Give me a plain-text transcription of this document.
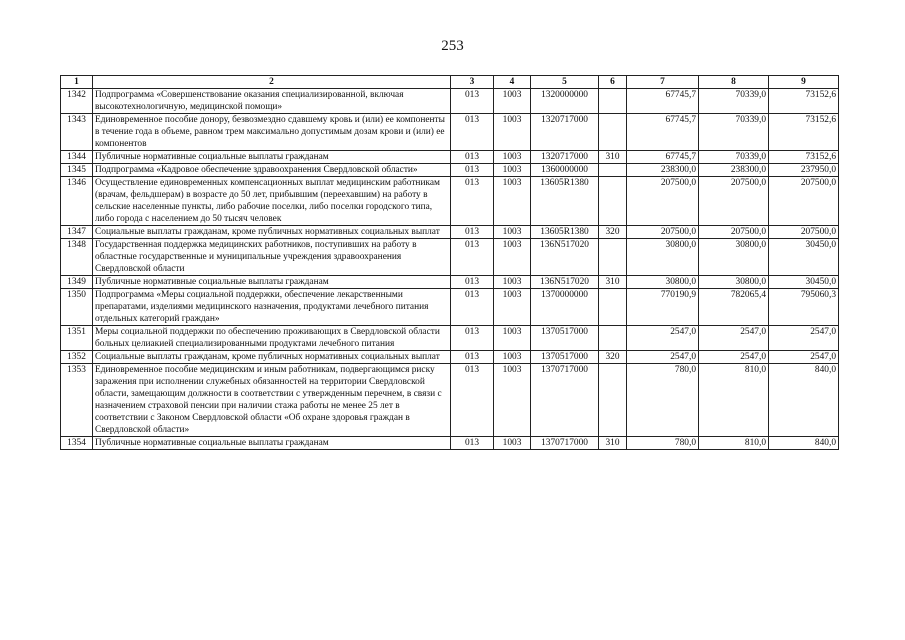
253
1	2	3	4	5	6	7	8	9
1342	Подпрограмма «Совершенствование оказания специализированной, включая высокотехнологичную, медицинской помощи»	013	1003	1320000000		67745,7	70339,0	73152,6
1343	Единовременное пособие донору, безвозмездно сдавшему кровь и (или) ее компоненты в течение года в объеме, равном трем максимально допустимым дозам крови и (или) ее компонентов	013	1003	1320717000		67745,7	70339,0	73152,6
1344	Публичные нормативные социальные выплаты гражданам	013	1003	1320717000	310	67745,7	70339,0	73152,6
1345	Подпрограмма «Кадровое обеспечение здравоохранения Свердловской области»	013	1003	1360000000		238300,0	238300,0	237950,0
1346	Осуществление единовременных компенсационных выплат медицинским работникам (врачам, фельдшерам) в возрасте до 50 лет, прибывшим (переехавшим) на работу в сельские населенные пункты, либо рабочие поселки, либо поселки городского типа, либо города с населением до 50 тысяч человек	013	1003	13605R1380		207500,0	207500,0	207500,0
1347	Социальные выплаты гражданам, кроме публичных нормативных социальных выплат	013	1003	13605R1380	320	207500,0	207500,0	207500,0
1348	Государственная поддержка медицинских работников, поступивших на работу в областные государственные и муниципальные учреждения здравоохранения Свердловской области	013	1003	136N517020		30800,0	30800,0	30450,0
1349	Публичные нормативные социальные выплаты гражданам	013	1003	136N517020	310	30800,0	30800,0	30450,0
1350	Подпрограмма «Меры социальной поддержки, обеспечение лекарственными препаратами, изделиями медицинского назначения, продуктами лечебного питания отдельных категорий граждан»	013	1003	1370000000		770190,9	782065,4	795060,3
1351	Меры социальной поддержки по обеспечению проживающих в Свердловской области больных целиакией специализированными продуктами лечебного питания	013	1003	1370517000		2547,0	2547,0	2547,0
1352	Социальные выплаты гражданам, кроме публичных нормативных социальных выплат	013	1003	1370517000	320	2547,0	2547,0	2547,0
1353	Единовременное пособие медицинским и иным работникам, подвергающимся риску заражения при исполнении служебных обязанностей на территории Свердловской области, замещающим должности в соответствии с утвержденным перечнем, в связи с назначением страховой пенсии при наличии стажа работы не менее 25 лет в соответствии с Законом Свердловской области «Об охране здоровья граждан в Свердловской области»	013	1003	1370717000		780,0	810,0	840,0
1354	Публичные нормативные социальные выплаты гражданам	013	1003	1370717000	310	780,0	810,0	840,0
